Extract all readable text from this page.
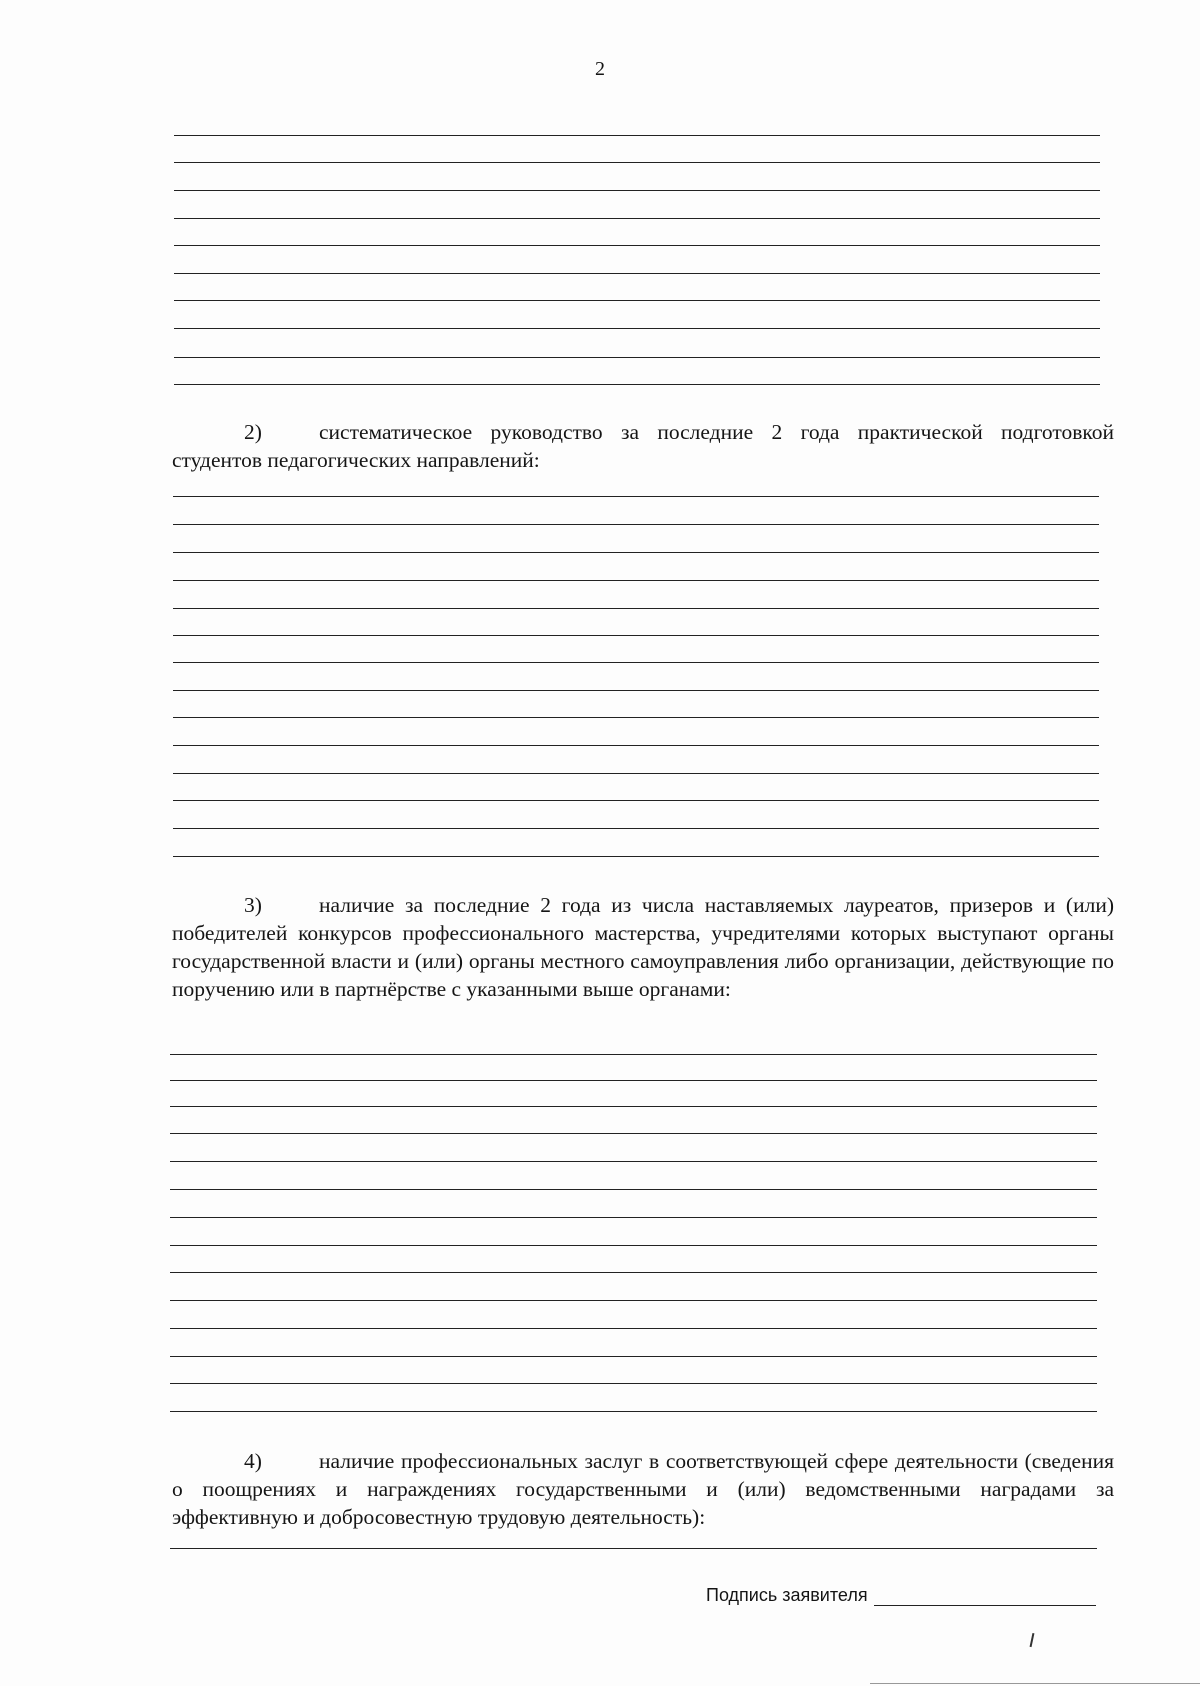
2
2)	систематическое руководство за последние 2 года практической подготовкой студентов педагогических направлений:
3)	наличие за последние 2 года из числа наставляемых лауреатов, призеров и (или) победителей конкурсов профессионального мастерства, учредителями которых выступают органы государственной власти и (или) органы местного самоуправления либо организации, действующие по поручению или в партнёрстве с указанными выше органами:
4)	наличие профессиональных заслуг в соответствующей сфере деятельности (сведения о поощрениях и награждениях государственными и (или) ведомственными наградами за эффективную и добросовестную трудовую деятельность):
Подпись заявителя
